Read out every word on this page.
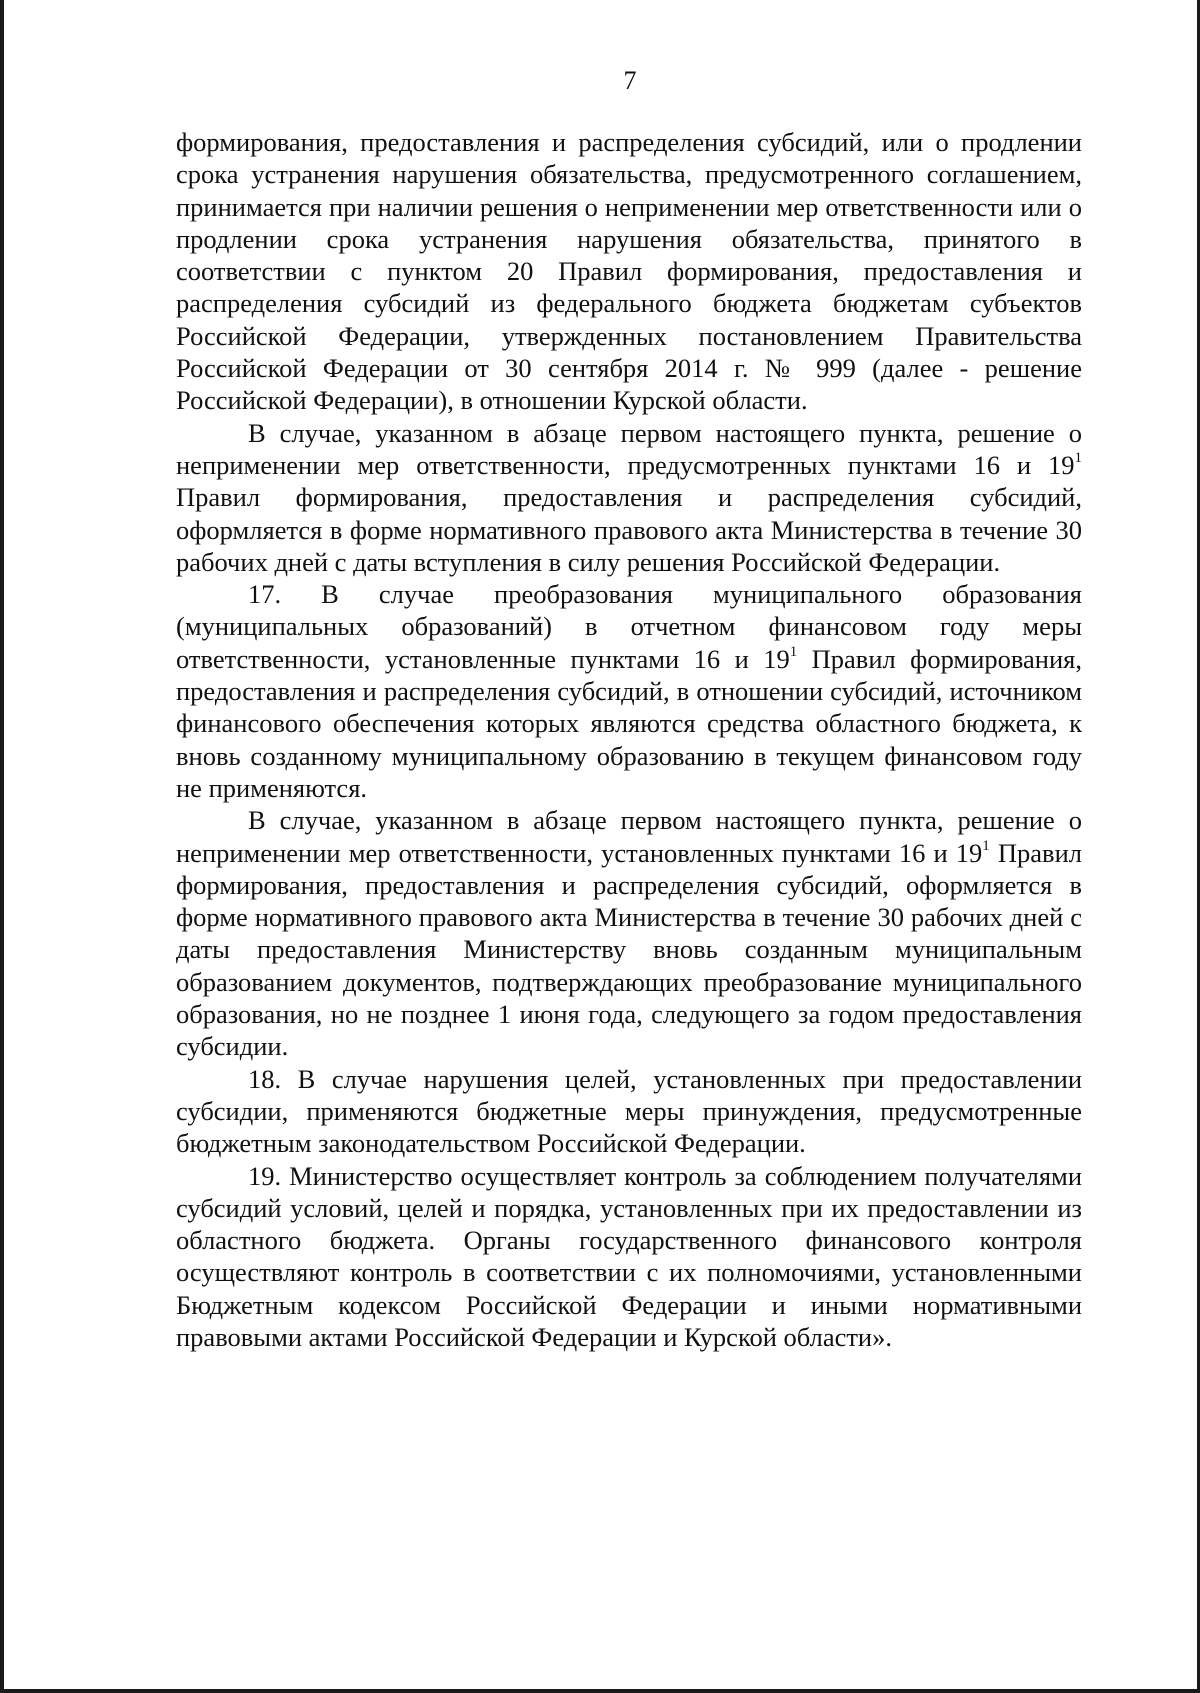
7

формирования, предоставления и распределения субсидий, или о продлении срока устранения нарушения обязательства, предусмотренного соглашением, принимается при наличии решения о неприменении мер ответственности или о продлении срока устранения нарушения обязательства, принятого в соответствии с пунктом 20 Правил формирования, предоставления и распределения субсидий из федерального бюджета бюджетам субъектов Российской Федерации, утвержденных постановлением Правительства Российской Федерации от 30 сентября 2014 г. № 999 (далее - решение Российской Федерации), в отношении Курской области.

В случае, указанном в абзаце первом настоящего пункта, решение о неприменении мер ответственности, предусмотренных пунктами 16 и $19^1$ Правил формирования, предоставления и распределения субсидий, оформляется в форме нормативного правового акта Министерства в течение 30 рабочих дней с даты вступления в силу решения Российской Федерации.

17. В случае преобразования муниципального образования (муниципальных образований) в отчетном финансовом году меры ответственности, установленные пунктами 16 и $19^1$ Правил формирования, предоставления и распределения субсидий, в отношении субсидий, источником финансового обеспечения которых являются средства областного бюджета, к вновь созданному муниципальному образованию в текущем финансовом году не применяются.

В случае, указанном в абзаце первом настоящего пункта, решение о неприменении мер ответственности, установленных пунктами 16 и $19^1$ Правил формирования, предоставления и распределения субсидий, оформляется в форме нормативного правового акта Министерства в течение 30 рабочих дней с даты предоставления Министерству вновь созданным муниципальным образованием документов, подтверждающих преобразование муниципального образования, но не позднее 1 июня года, следующего за годом предоставления субсидии.

18. В случае нарушения целей, установленных при предоставлении субсидии, применяются бюджетные меры принуждения, предусмотренные бюджетным законодательством Российской Федерации.

19. Министерство осуществляет контроль за соблюдением получателями субсидий условий, целей и порядка, установленных при их предоставлении из областного бюджета. Органы государственного финансового контроля осуществляют контроль в соответствии с их полномочиями, установленными Бюджетным кодексом Российской Федерации и иными нормативными правовыми актами Российской Федерации и Курской области».
